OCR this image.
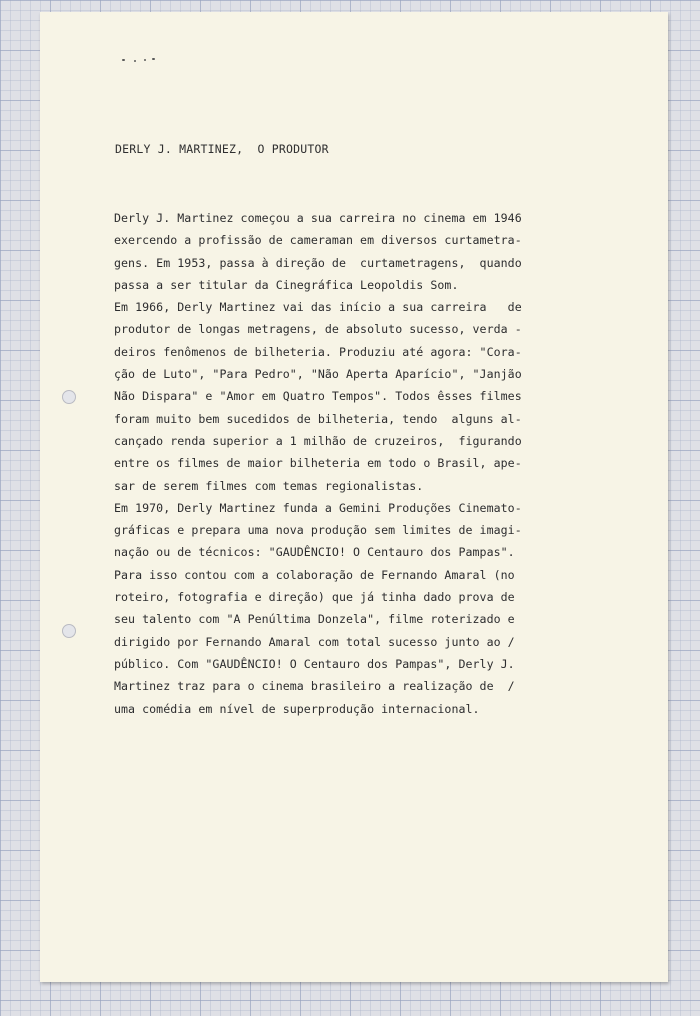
DERLY J. MARTINEZ,  O PRODUTOR
Derly J. Martinez começou a sua carreira no cinema em 1946
exercendo a profissão de cameraman em diversos curtametra-
gens. Em 1953, passa à direção de  curtametragens,  quando
passa a ser titular da Cinegráfica Leopoldis Som.
Em 1966, Derly Martinez vai das início a sua carreira   de
produtor de longas metragens, de absoluto sucesso, verda -
deiros fenômenos de bilheteria. Produziu até agora: "Cora-
ção de Luto", "Para Pedro", "Não Aperta Aparício", "Janjão
Não Dispara" e "Amor em Quatro Tempos". Todos êsses filmes
foram muito bem sucedidos de bilheteria, tendo  alguns al-
cançado renda superior a 1 milhão de cruzeiros,  figurando
entre os filmes de maior bilheteria em todo o Brasil, ape-
sar de serem filmes com temas regionalistas.
Em 1970, Derly Martinez funda a Gemini Produções Cinemato-
gráficas e prepara uma nova produção sem limites de imagi-
nação ou de técnicos: "GAUDÊNCIO! O Centauro dos Pampas".
Para isso contou com a colaboração de Fernando Amaral (no
roteiro, fotografia e direção) que já tinha dado prova de
seu talento com "A Penúltima Donzela", filme roterizado e
dirigido por Fernando Amaral com total sucesso junto ao /
público. Com "GAUDÊNCIO! O Centauro dos Pampas", Derly J.
Martinez traz para o cinema brasileiro a realização de  /
uma comédia em nível de superprodução internacional.
